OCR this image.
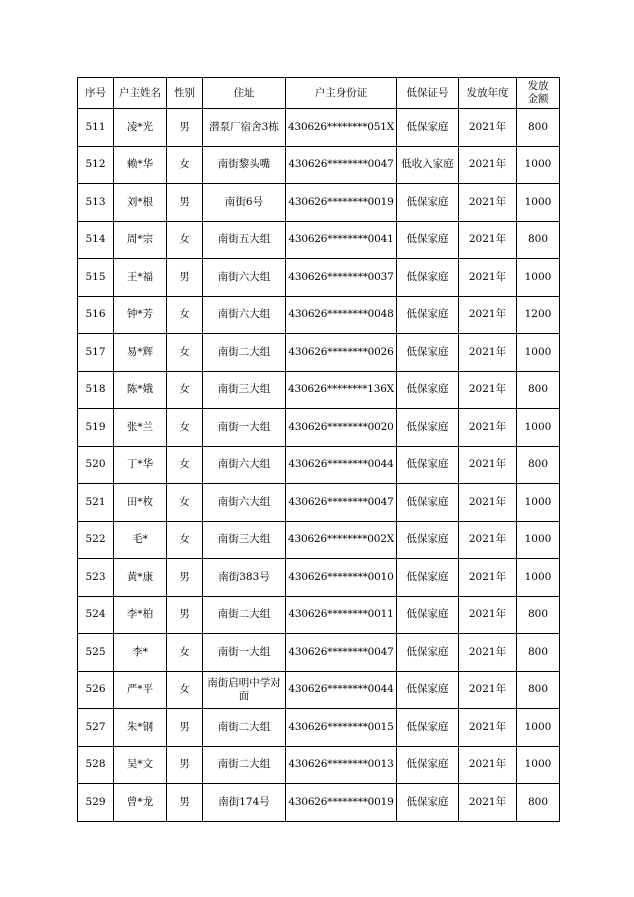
序号	户主姓名	性别	住址	户主身份证	低保证号	发放年度	发放金额
511	凌*光	男	潜泵厂宿舍3栋	430626********051X	低保家庭	2021年	800
512	赖*华	女	南街黎头嘴	430626********0047	低收入家庭	2021年	1000
513	刘*根	男	南街6号	430626********0019	低保家庭	2021年	1000
514	周*宗	女	南街五大组	430626********0041	低保家庭	2021年	800
515	王*福	男	南街六大组	430626********0037	低保家庭	2021年	1000
516	钟*芳	女	南街六大组	430626********0048	低保家庭	2021年	1200
517	易*辉	女	南街二大组	430626********0026	低保家庭	2021年	1000
518	陈*娥	女	南街三大组	430626********136X	低保家庭	2021年	800
519	张*兰	女	南街一大组	430626********0020	低保家庭	2021年	1000
520	丁*华	女	南街六大组	430626********0044	低保家庭	2021年	800
521	田*枚	女	南街六大组	430626********0047	低保家庭	2021年	1000
522	毛*	女	南街三大组	430626********002X	低保家庭	2021年	1000
523	黄*康	男	南街383号	430626********0010	低保家庭	2021年	1000
524	李*柏	男	南街二大组	430626********0011	低保家庭	2021年	800
525	李*	女	南街一大组	430626********0047	低保家庭	2021年	800
526	严*平	女	南街启明中学对面	430626********0044	低保家庭	2021年	800
527	朱*钢	男	南街二大组	430626********0015	低保家庭	2021年	1000
528	吴*文	男	南街二大组	430626********0013	低保家庭	2021年	1000
529	曾*龙	男	南街174号	430626********0019	低保家庭	2021年	800
